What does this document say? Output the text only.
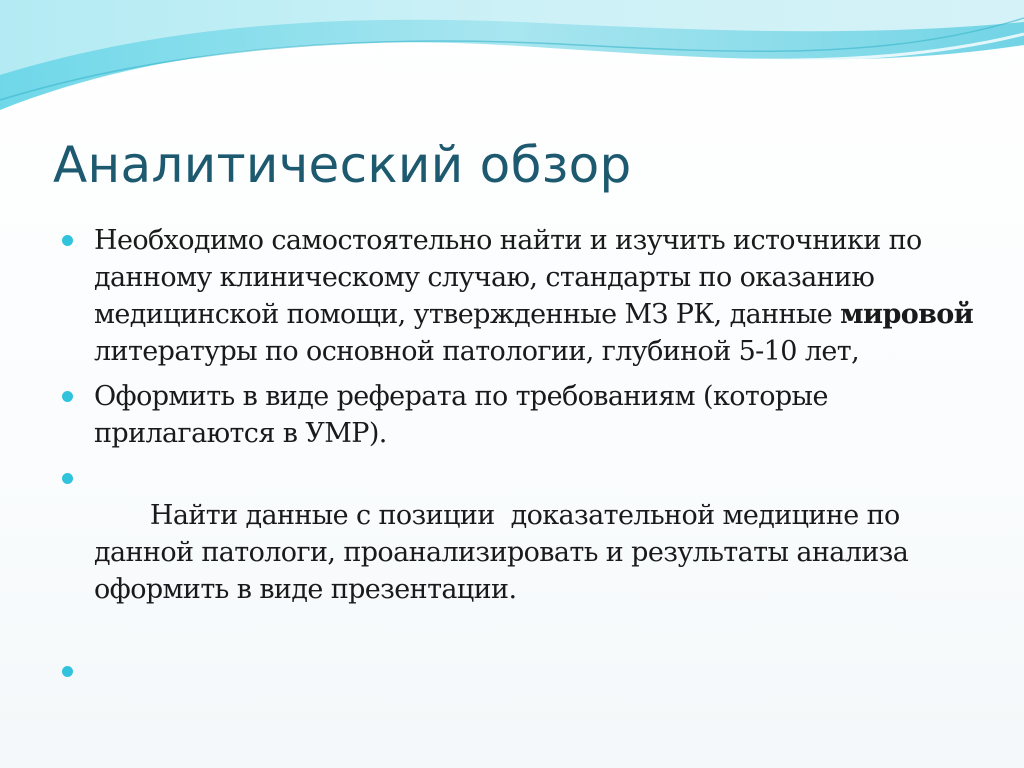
Аналитический обзор
Необходимо самостоятельно найти и изучить источники по данному клиническому случаю, стандарты по оказанию медицинской помощи, утвержденные МЗ РК, данные мировой литературы по основной патологии, глубиной 5-10 лет,
Оформить в виде реферата по требованиям (которые прилагаются в УМР).

Найти данные с позиции  доказательной медицине по данной патологи, проанализировать и результаты анализа оформить в виде презентации.
